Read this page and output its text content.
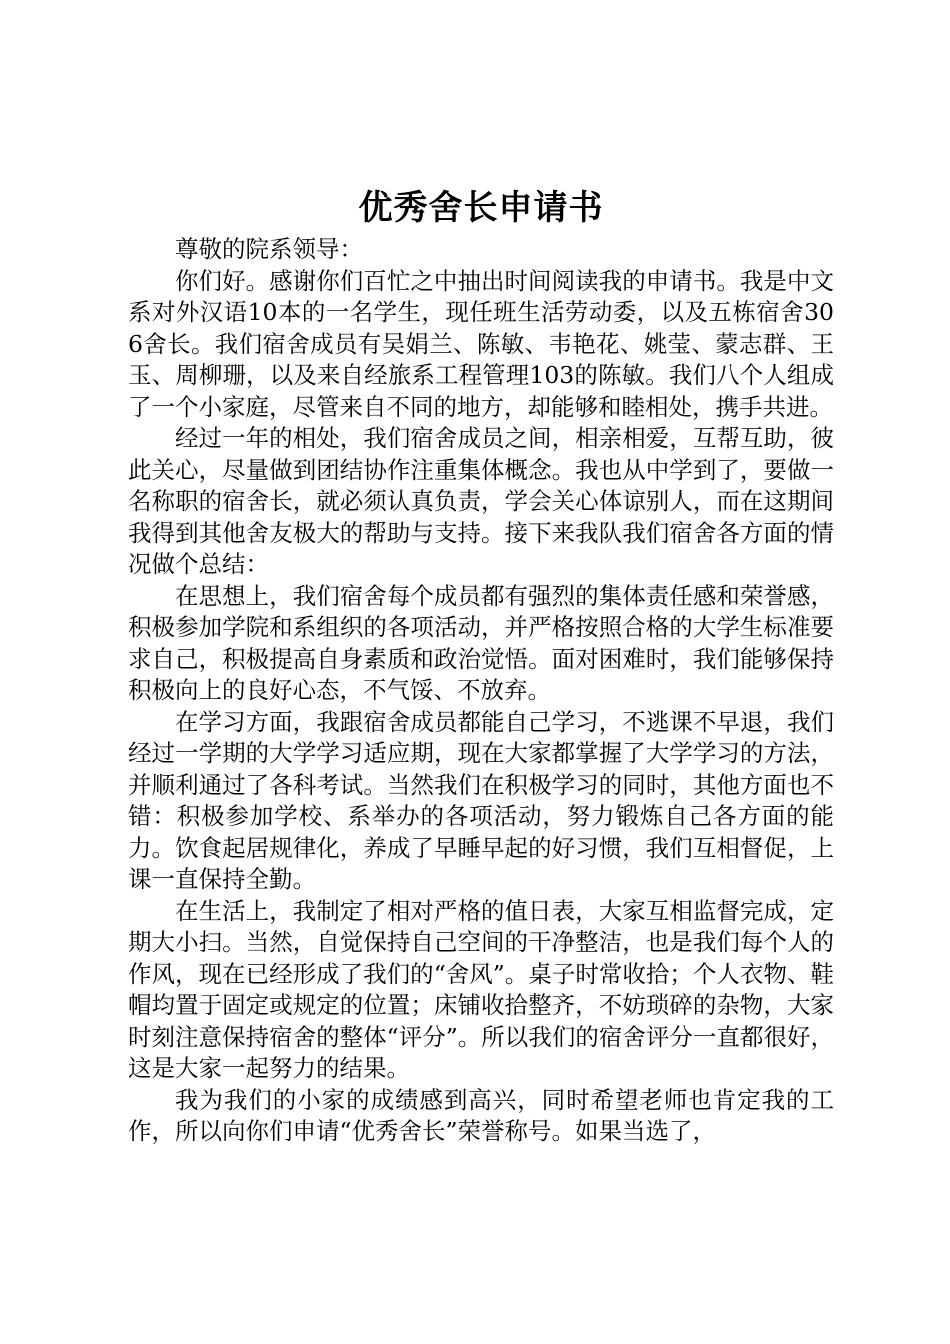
优秀舍长申请书

尊敬的院系领导：

你们好。感谢你们百忙之中抽出时间阅读我的申请书。我是中文系对外汉语10本的一名学生，现任班生活劳动委，以及五栋宿舍306舍长。我们宿舍成员有吴娟兰、陈敏、韦艳花、姚莹、蒙志群、王玉、周柳珊，以及来自经旅系工程管理103的陈敏。我们八个人组成了一个小家庭，尽管来自不同的地方，却能够和睦相处，携手共进。

经过一年的相处，我们宿舍成员之间，相亲相爱，互帮互助，彼此关心，尽量做到团结协作注重集体概念。我也从中学到了，要做一名称职的宿舍长，就必须认真负责，学会关心体谅别人，而在这期间我得到其他舍友极大的帮助与支持。接下来我队我们宿舍各方面的情况做个总结：

在思想上，我们宿舍每个成员都有强烈的集体责任感和荣誉感，积极参加学院和系组织的各项活动，并严格按照合格的大学生标准要求自己，积极提高自身素质和政治觉悟。面对困难时，我们能够保持积极向上的良好心态，不气馁、不放弃。

在学习方面，我跟宿舍成员都能自己学习，不逃课不早退，我们经过一学期的大学学习适应期，现在大家都掌握了大学学习的方法，并顺利通过了各科考试。当然我们在积极学习的同时，其他方面也不错：积极参加学校、系举办的各项活动，努力锻炼自己各方面的能力。饮食起居规律化，养成了早睡早起的好习惯，我们互相督促，上课一直保持全勤。

在生活上，我制定了相对严格的值日表，大家互相监督完成，定期大小扫。当然，自觉保持自己空间的干净整洁，也是我们每个人的作风，现在已经形成了我们的“舍风”。桌子时常收拾；个人衣物、鞋帽均置于固定或规定的位置；床铺收拾整齐，不妨琐碎的杂物，大家时刻注意保持宿舍的整体“评分”。所以我们的宿舍评分一直都很好，这是大家一起努力的结果。

我为我们的小家的成绩感到高兴，同时希望老师也肯定我的工作，所以向你们申请“优秀舍长”荣誉称号。如果当选了，
